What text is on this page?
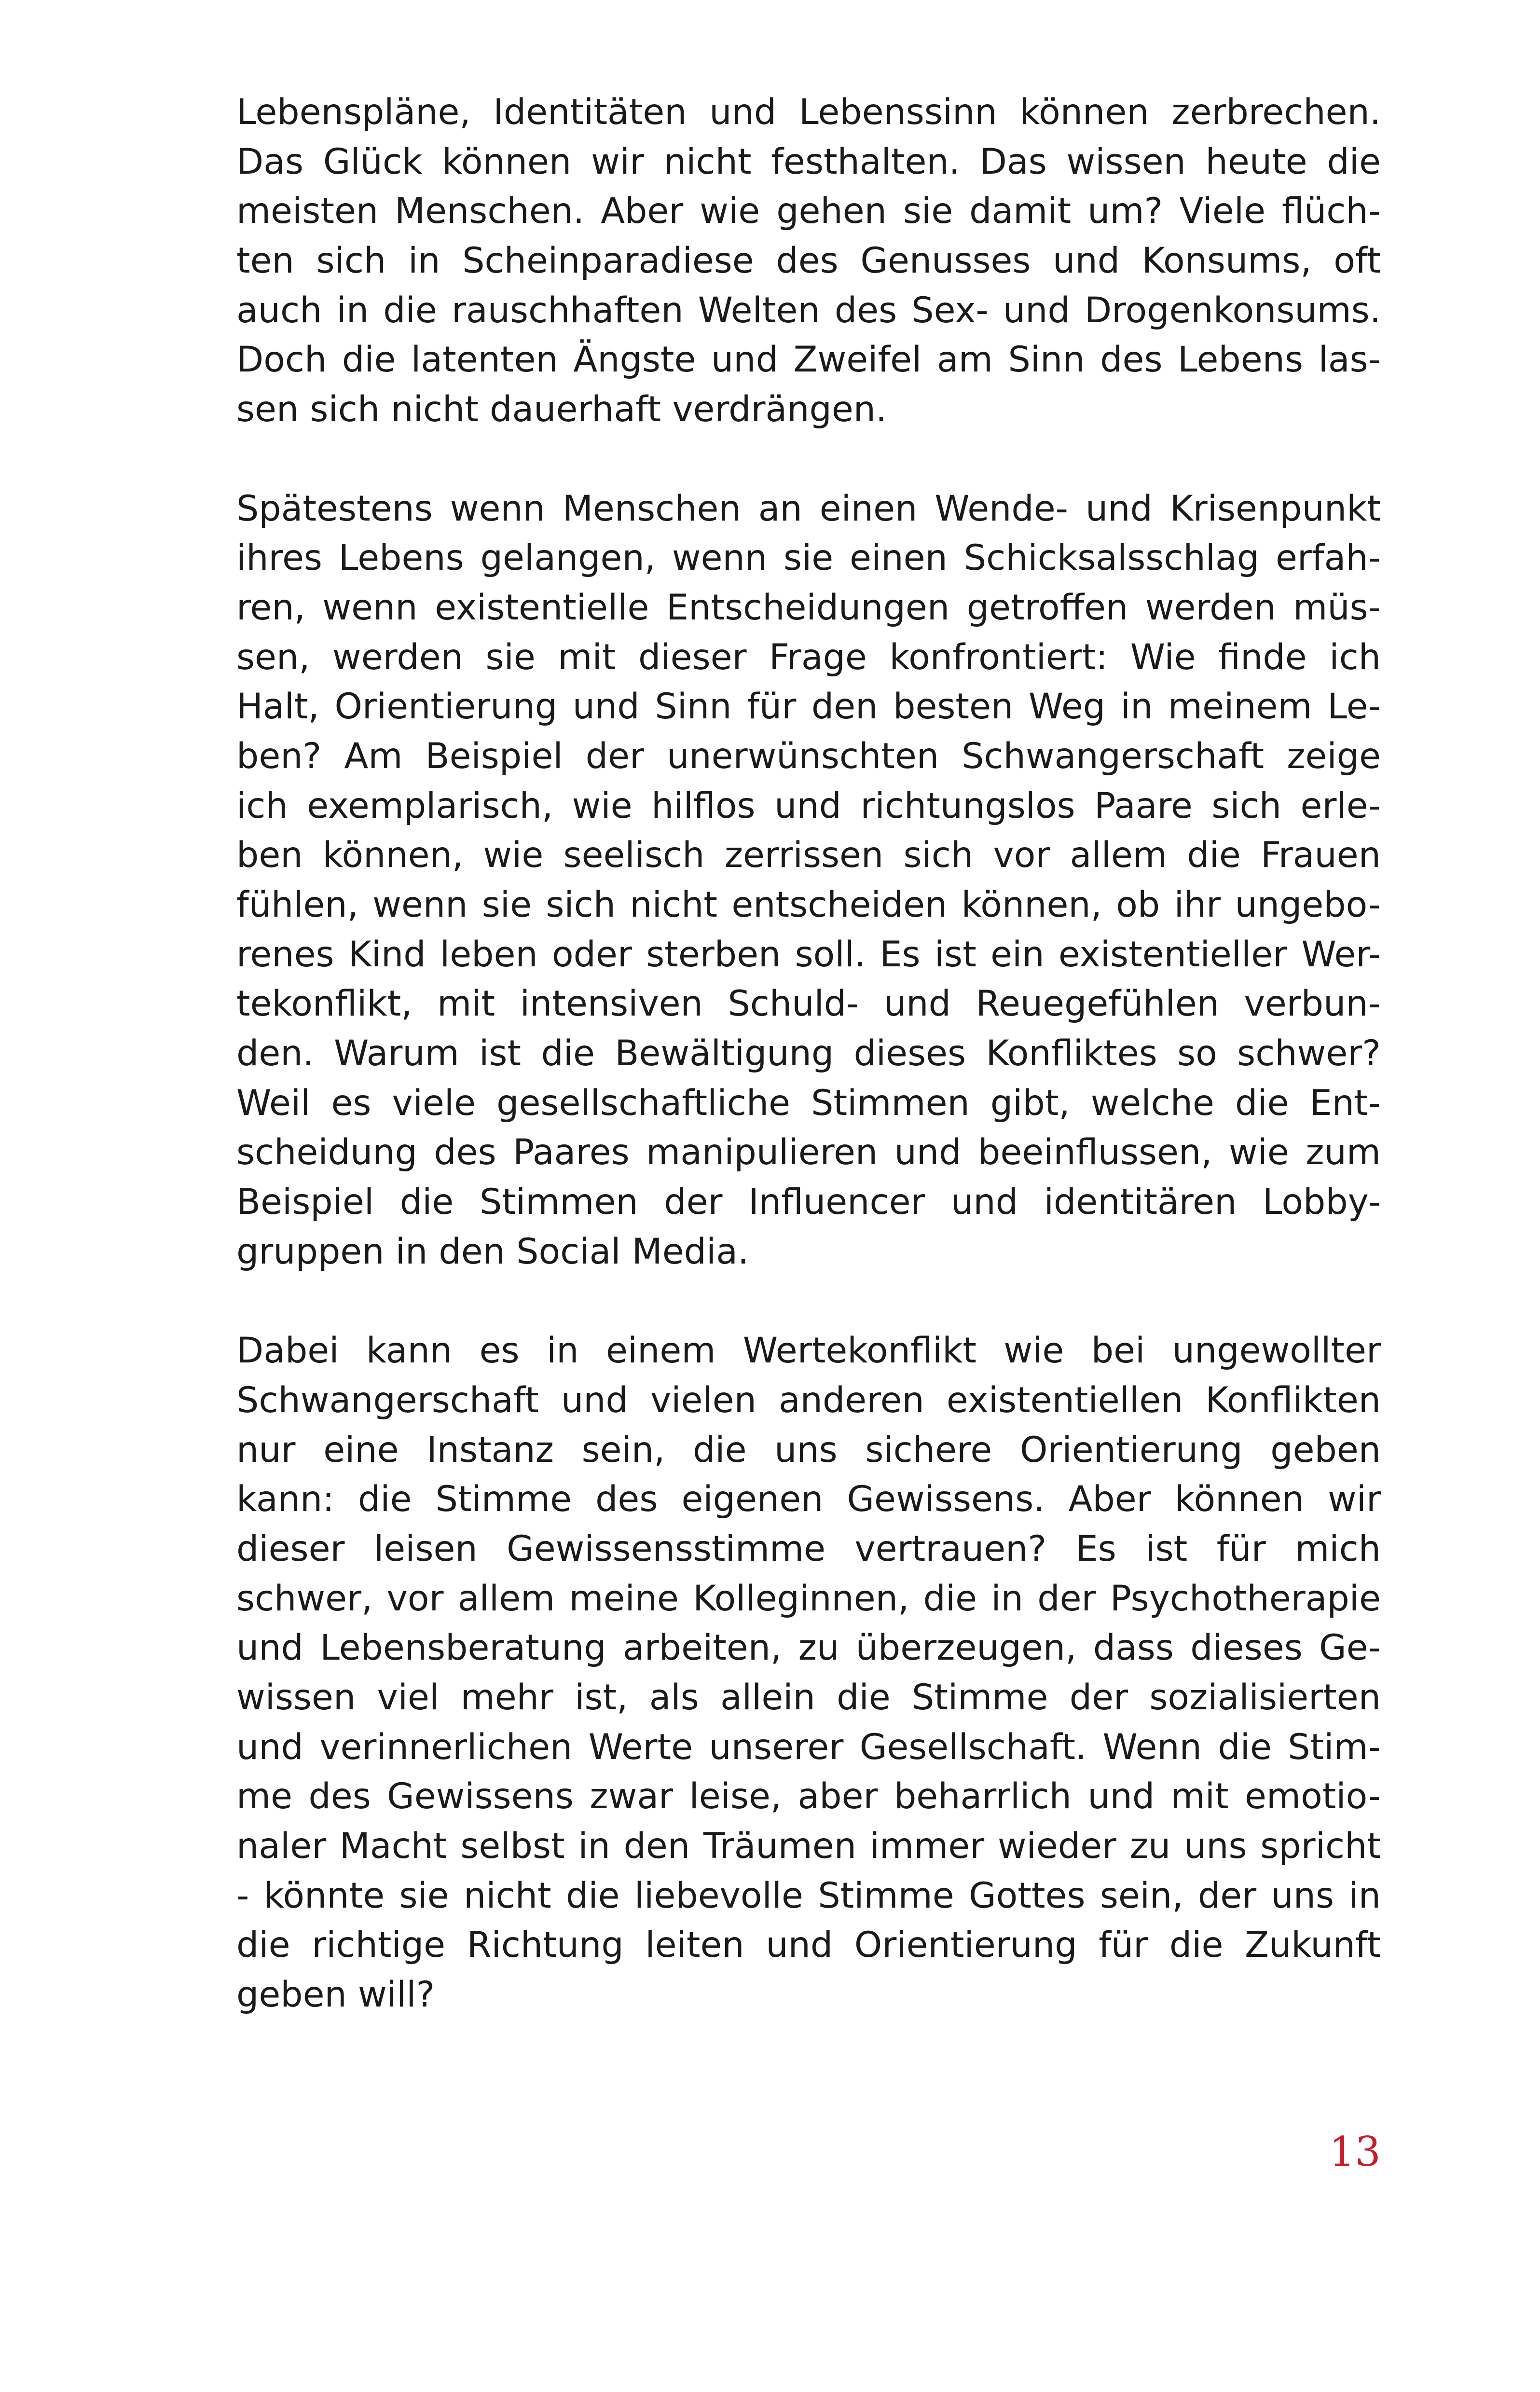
Lebenspläne, Identitäten und Lebenssinn können zerbrechen.
Das Glück können wir nicht festhalten. Das wissen heute die
meisten Menschen. Aber wie gehen sie damit um? Viele flüch-
ten sich in Scheinparadiese des Genusses und Konsums, oft
auch in die rauschhaften Welten des Sex- und Drogenkonsums.
Doch die latenten Ängste und Zweifel am Sinn des Lebens las-
sen sich nicht dauerhaft verdrängen.

Spätestens wenn Menschen an einen Wende- und Krisenpunkt
ihres Lebens gelangen, wenn sie einen Schicksalsschlag erfah-
ren, wenn existentielle Entscheidungen getroffen werden müs-
sen, werden sie mit dieser Frage konfrontiert: Wie finde ich
Halt, Orientierung und Sinn für den besten Weg in meinem Le-
ben? Am Beispiel der unerwünschten Schwangerschaft zeige
ich exemplarisch, wie hilflos und richtungslos Paare sich erle-
ben können, wie seelisch zerrissen sich vor allem die Frauen
fühlen, wenn sie sich nicht entscheiden können, ob ihr ungebo-
renes Kind leben oder sterben soll. Es ist ein existentieller Wer-
tekonflikt, mit intensiven Schuld- und Reuegefühlen verbun-
den. Warum ist die Bewältigung dieses Konfliktes so schwer?
Weil es viele gesellschaftliche Stimmen gibt, welche die Ent-
scheidung des Paares manipulieren und beeinflussen, wie zum
Beispiel die Stimmen der Influencer und identitären Lobby-
gruppen in den Social Media.

Dabei kann es in einem Wertekonflikt wie bei ungewollter
Schwangerschaft und vielen anderen existentiellen Konflikten
nur eine Instanz sein, die uns sichere Orientierung geben
kann: die Stimme des eigenen Gewissens. Aber können wir
dieser leisen Gewissensstimme vertrauen? Es ist für mich
schwer, vor allem meine Kolleginnen, die in der Psychotherapie
und Lebensberatung arbeiten, zu überzeugen, dass dieses Ge-
wissen viel mehr ist, als allein die Stimme der sozialisierten
und verinnerlichen Werte unserer Gesellschaft. Wenn die Stim-
me des Gewissens zwar leise, aber beharrlich und mit emotio-
naler Macht selbst in den Träumen immer wieder zu uns spricht
- könnte sie nicht die liebevolle Stimme Gottes sein, der uns in
die richtige Richtung leiten und Orientierung für die Zukunft
geben will?

13
